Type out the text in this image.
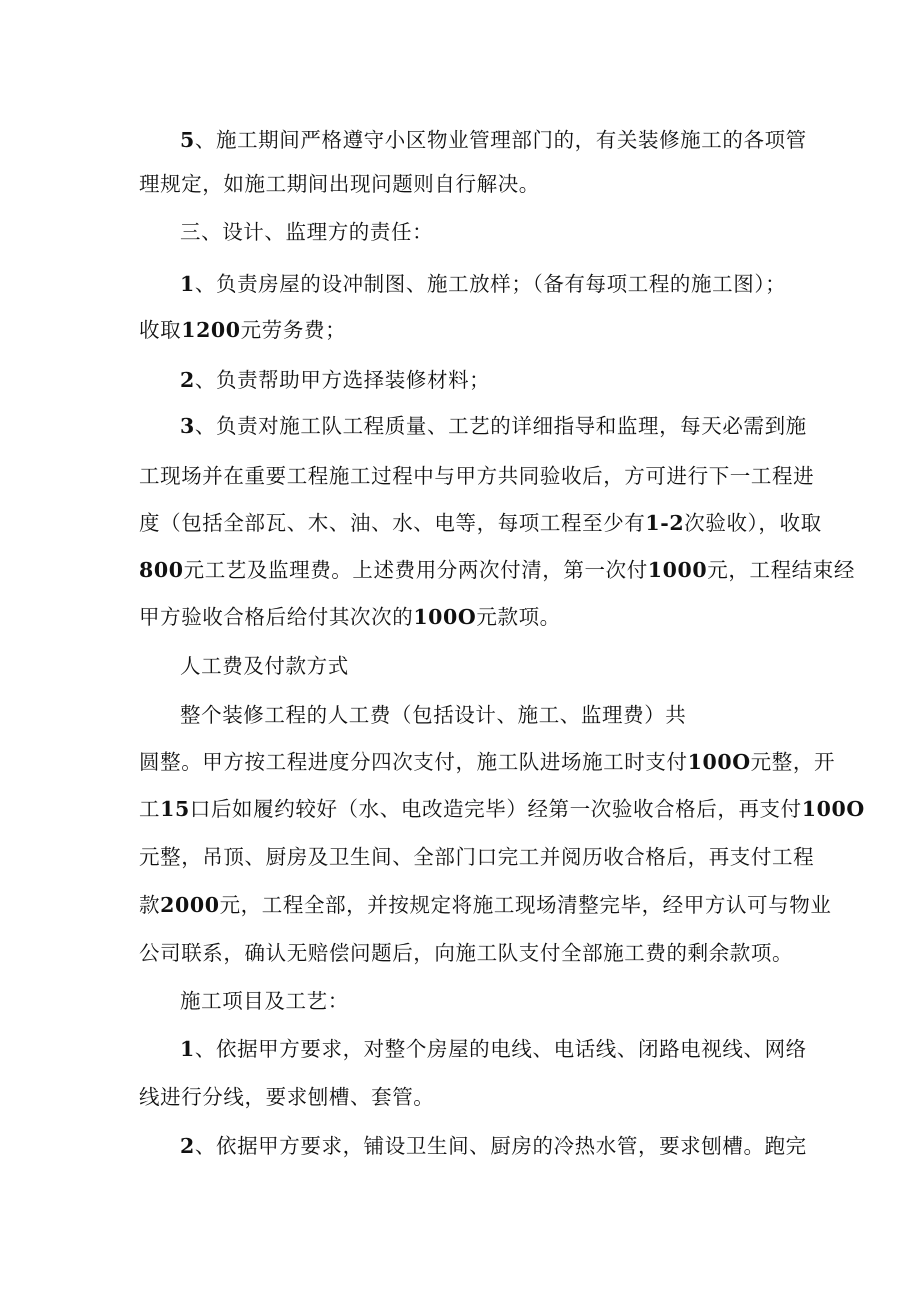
5、施工期间严格遵守小区物业管理部门的，有关装修施工的各项管
理规定，如施工期间出现问题则自行解决。
三、设计、监理方的责任：
1、负责房屋的设冲制图、施工放样；（备有每项工程的施工图）；
收取1200元劳务费；
2、负责帮助甲方选择装修材料；
3、负责对施工队工程质量、工艺的详细指导和监理，每天必需到施
工现场并在重要工程施工过程中与甲方共同验收后，方可进行下一工程进
度（包括全部瓦、木、油、水、电等，每项工程至少有1-2次验收），收取
800元工艺及监理费。上述费用分两次付清，第一次付1000元，工程结束经
甲方验收合格后给付其次次的100O元款项。
人工费及付款方式
整个装修工程的人工费（包括设计、施工、监理费）共
圆整。甲方按工程进度分四次支付，施工队进场施工时支付100O元整，开
工15口后如履约较好（水、电改造完毕）经第一次验收合格后，再支付100O
元整，吊顶、厨房及卫生间、全部门口完工并阅历收合格后，再支付工程
款2000元，工程全部，并按规定将施工现场清整完毕，经甲方认可与物业
公司联系，确认无赔偿问题后，向施工队支付全部施工费的剩余款项。
施工项目及工艺：
1、依据甲方要求，对整个房屋的电线、电话线、闭路电视线、网络
线进行分线，要求刨槽、套管。
2、依据甲方要求，铺设卫生间、厨房的冷热水管，要求刨槽。跑完
